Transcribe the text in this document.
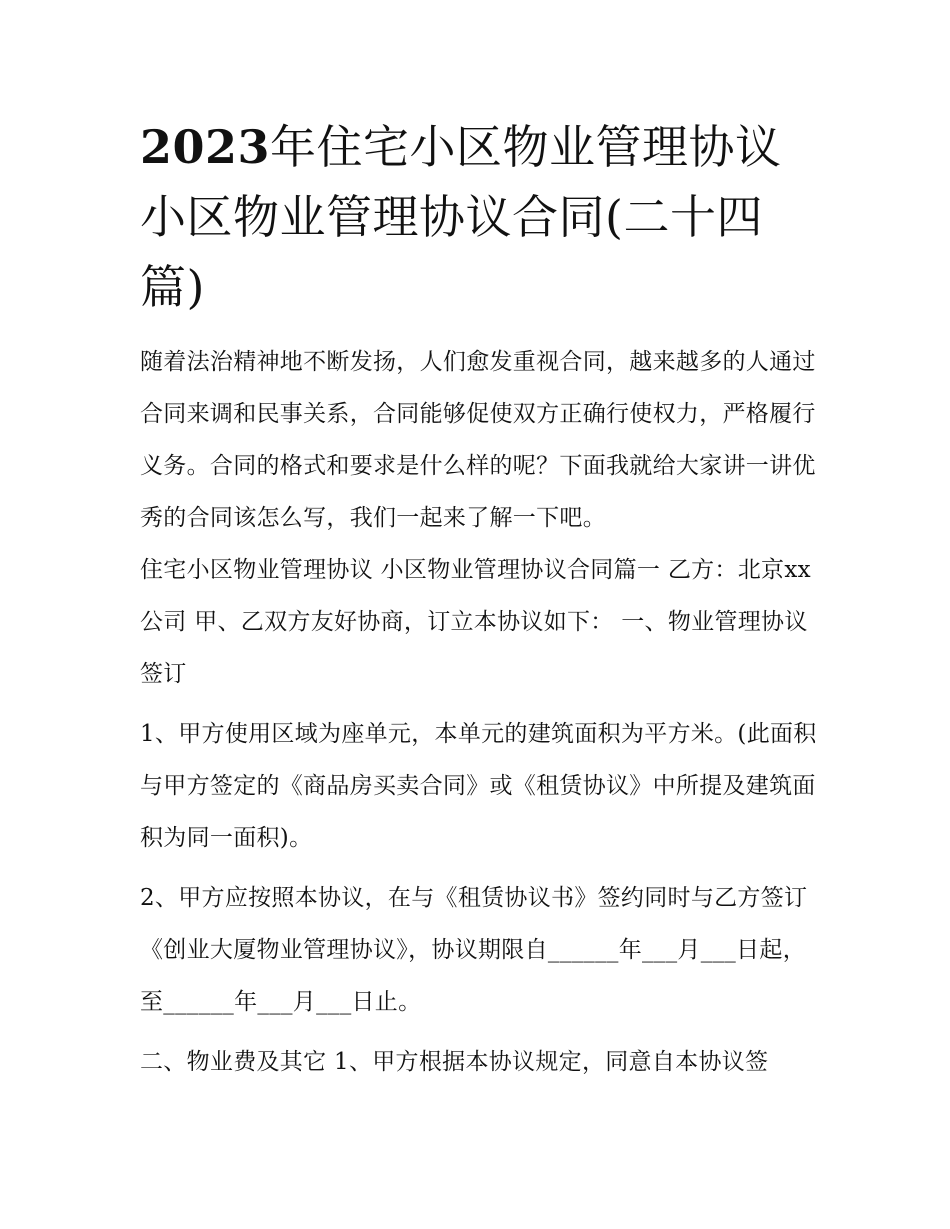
2023年住宅小区物业管理协议 小区物业管理协议合同(二十四篇)

随着法治精神地不断发扬，人们愈发重视合同，越来越多的人通过合同来调和民事关系，合同能够促使双方正确行使权力，严格履行义务。合同的格式和要求是什么样的呢？下面我就给大家讲一讲优秀的合同该怎么写，我们一起来了解一下吧。

住宅小区物业管理协议 小区物业管理协议合同篇一 乙方：北京xx公司 甲、乙双方友好协商，订立本协议如下： 一、物业管理协议签订

1、甲方使用区域为座单元，本单元的建筑面积为平方米。(此面积与甲方签定的《商品房买卖合同》或《租赁协议》中所提及建筑面积为同一面积)。

2、甲方应按照本协议，在与《租赁协议书》签约同时与乙方签订《创业大厦物业管理协议》，协议期限自______年___月___日起，至______年___月___日止。

二、物业费及其它 1、甲方根据本协议规定，同意自本协议签
